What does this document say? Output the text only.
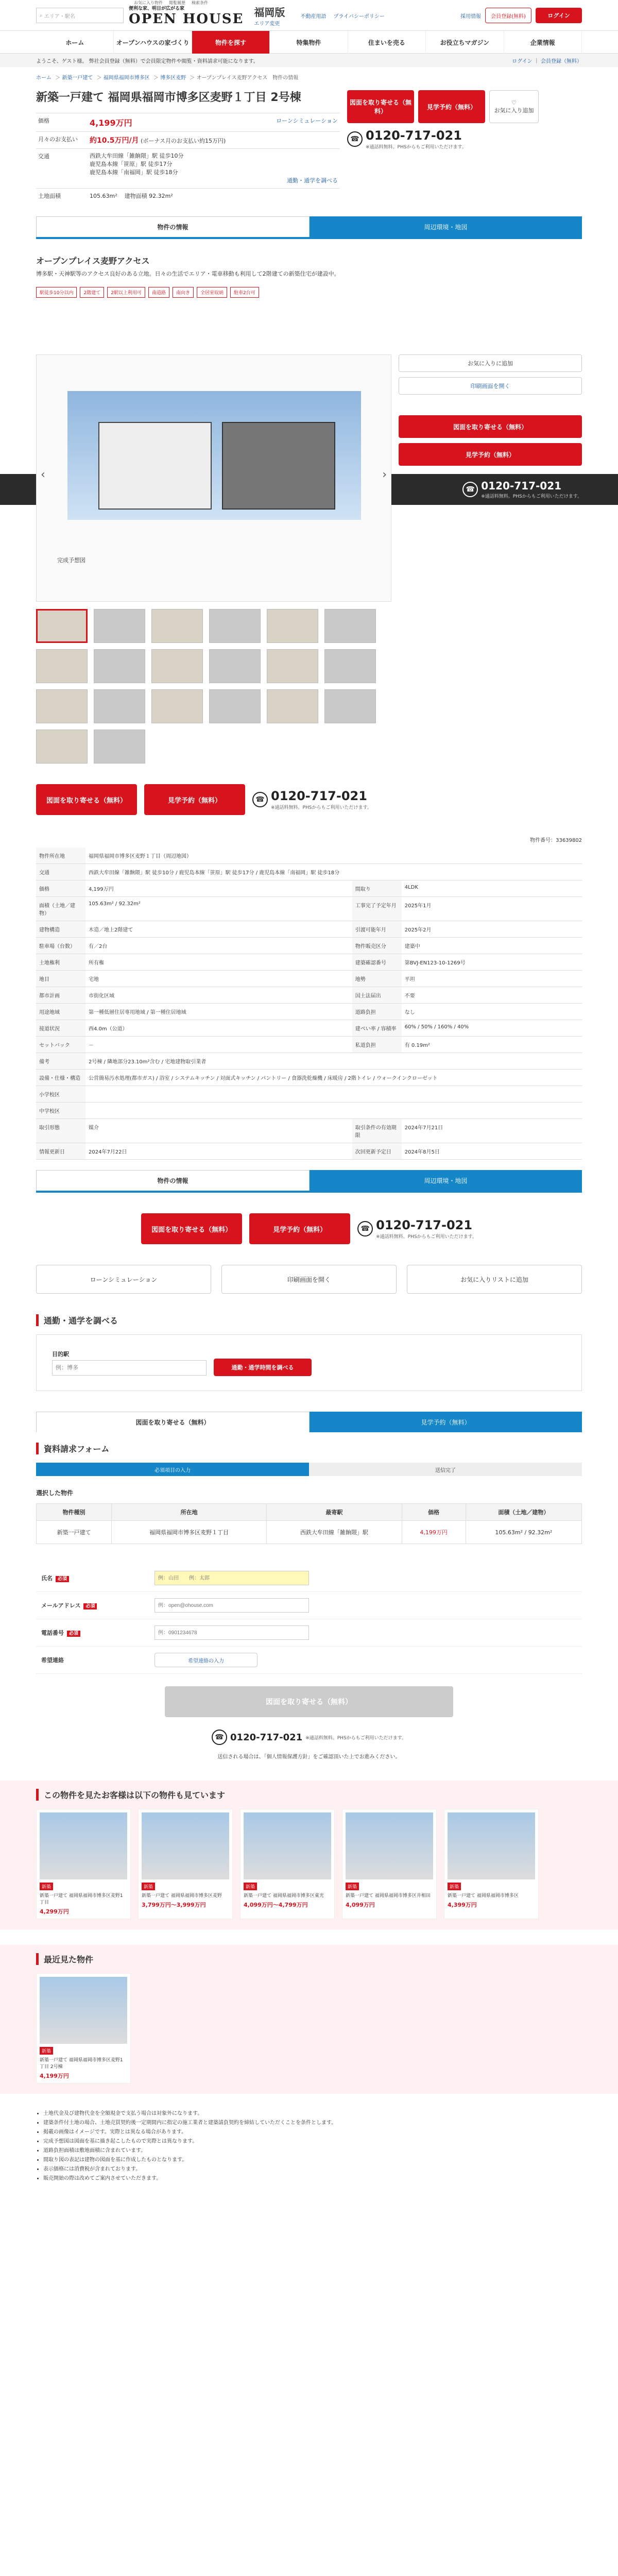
⌕ エリア・駅名
お気に入り物件 閲覧履歴 検索条件
便利な家、明日が広がる家
OPEN HOUSE 福岡版
エリア変更
不動産用語 プライバシーポリシー	採用情報	会員登録(無料)	ログイン
ホーム	オープンハウスの家づくり	物件を探す	特集物件	住まいを売る	お役立ちマガジン	企業情報
ようこそ、ゲスト様。 弊社会員登録（無料）で会員限定物件や閲覧・資料請求可能になります。	ログイン ｜ 会員登録（無料）
ホーム ＞ 新築一戸建て ＞ 福岡県福岡市博多区 ＞ 博多区麦野 ＞ オープンプレイス麦野アクセス　物件の情報
新築一戸建て 福岡県福岡市博多区麦野１丁目 2号棟
価格	4,199万円	ローンシミュレーション
月々のお支払い	約10.5万円/月 (ボーナス月のお支払い約15万円)	
交通	西鉄大牟田線「雑餉隈」駅 徒歩10分
鹿児島本線「笹原」駅 徒歩17分
鹿児島本線「南福岡」駅 徒歩18分
通勤・通学を調べる	

土地面積	105.63m² 建物面積 92.32m²	
図面を取り寄せる（無料）
見学予約（無料）
♡
お気に入り追加
☎ 0120-717-021
※通話料無料。PHSからもご利用いただけます。
物件の情報	周辺環境・地図
オープンプレイス麦野アクセス
博多駅・天神駅等のアクセス良好のある立地。日々の生活でエリア・電車移動も利用して2階建ての新築住宅が建設中。
駅徒歩10分以内	2階建て	2駅以上利用可	南道路	南向き	全居室収納	駐車2台可
☎ 0120-717-021
※通話料無料。PHSからもご利用いただけます。
‹	›
完成予想図
お気に入りに追加
印刷画面を開く
図面を取り寄せる（無料）
見学予約（無料）
図面を取り寄せる（無料）	見学予約（無料）	☎ 0120-717-021
※通話料無料。PHSからもご利用いただけます。
物件番号：33639802
物件所在地	福岡県福岡市博多区麦野１丁目（周辺地図）		
交通	西鉄大牟田線「雑餉隈」駅 徒歩10分 / 鹿児島本線「笹原」駅 徒歩17分 / 鹿児島本線「南福岡」駅 徒歩18分		
価格	4,199万円	間取り	4LDK
面積（土地／建物）	105.63m² / 92.32m²	工事完了予定年月	2025年1月
建物構造	木造／地上2階建て	引渡可能年月	2025年2月
駐車場（台数）	有／2台	物件販売区分	建築中
土地権利	所有権	建築確認番号	第BVJ-EN123-10-1269号
地目	宅地	地勢	平坦
都市計画	市街化区域	国土法届出	不要
用途地域	第一種低層住居専用地域 / 第一種住居地域	道路負担	なし
接道状況	西4.0m（公道）	建ぺい率 / 容積率	60% / 50% / 160% / 40%
セットバック	－	私道負担	有 0.19m²
備考	2号棟 / 隣地部分23.10m²含む / 宅地建物取引業者		
設備・仕様・構造	公営簡易汚水処理(都市ガス) / 浴室 / システムキッチン / 対面式キッチン / パントリー / 食器洗乾燥機 / 床暖房 / 2階トイレ / ウォークインクローゼット		
小学校区			
中学校区			
取引形態	媒介	取引条件の有効期限	2024年7月21日
情報更新日	2024年7月22日	次回更新予定日	2024年8月5日
物件の情報	周辺環境・地図
図面を取り寄せる（無料）	見学予約（無料）	☎ 0120-717-021
※通話料無料。PHSからもご利用いただけます。
ローンシミュレーション	印刷画面を開く	お気に入りリストに追加
通勤・通学を調べる
目的駅
例：博多
通勤・通学時間を調べる
図面を取り寄せる（無料）	見学予約（無料）
資料請求フォーム
必須項目の入力	送信完了
選択した物件
物件種別	所在地	最寄駅	価格	面積（土地／建物）
新築一戸建て	福岡県福岡市博多区麦野１丁目	西鉄大牟田線「雑餉隈」駅	4,199万円	105.63m² / 92.32m²
氏名 必須	例：山田　　例：太郎
メールアドレス 必須	例：open@ohouse.com
電話番号 必須	例：0901234678
希望連絡	希望連絡の入力
図面を取り寄せる（無料）
☎ 0120-717-021 ※通話料無料。PHSからもご利用いただけます。
送信される場合は、「個人情報保護方針」をご確認頂いた上でお進みください。
この物件を見たお客様は以下の物件も見ています
新築
新築一戸建て 福岡県福岡市博多区麦野1丁目
4,299万円
新築
新築一戸建て 福岡県福岡市博多区麦野
3,799万円～3,999万円
新築
新築一戸建て 福岡県福岡市博多区東光
4,099万円～4,799万円
新築
新築一戸建て 福岡県福岡市博多区井相田
4,099万円
新築
新築一戸建て 福岡県福岡市博多区
4,399万円
最近見た物件
新築
新築一戸建て 福岡県福岡市博多区麦野1丁目 2号棟
4,199万円
• 土地代金及び建物代金を全額現金で支払う場合は対象外になります。
• 建築条件付土地の場合、土地売買契約後一定期間内に指定の施工業者と建築請負契約を締結していただくことを条件とします。
• 掲載の画像はイメージです。実際とは異なる場合があります。
• 完成予想図は図面を基に描き起こしたもので実際とは異なります。
• 道路負担面積は敷地面積に含まれています。
• 間取り図の表記は建物の図面を基に作成したものとなります。
• 表示価格には消費税が含まれております。
• 販売開始の際は改めてご案内させていただきます。
